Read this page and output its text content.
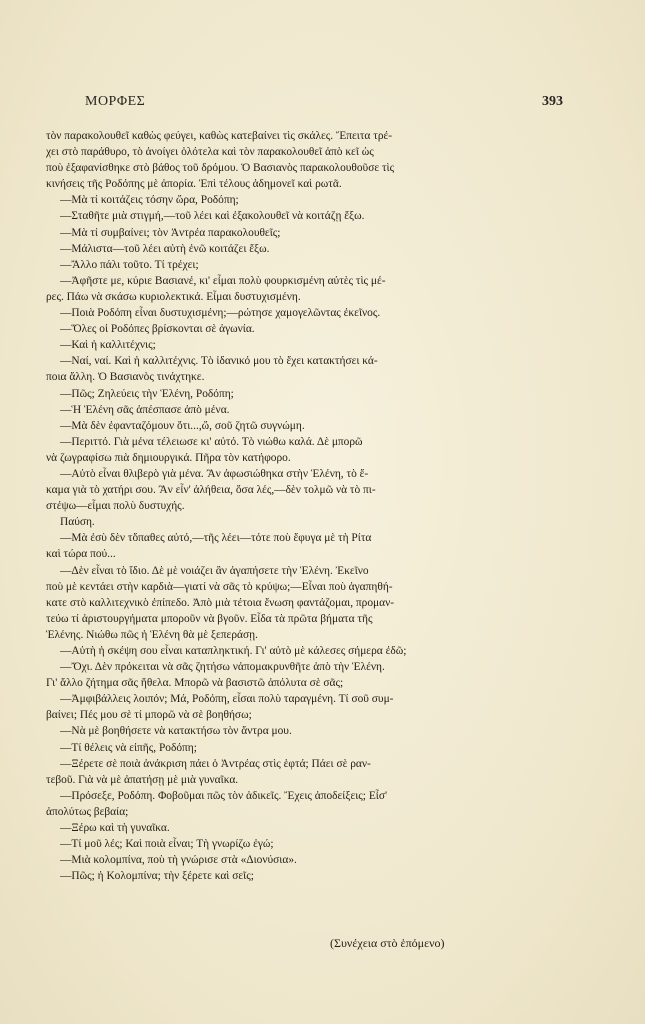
ΜΟΡΦΕΣ	393
τὸν παρακολουθεῖ καθὼς φεύγει, καθὼς κατεβαίνει τὶς σκάλες. Ἔπειτα τρέ-
χει στὸ παράθυρο, τὸ ἀνοίγει ὁλότελα καὶ τὸν παρακολουθεῖ ἀπὸ κεῖ ὡς
ποὺ ἐξαφανίσθηκε στὸ βάθος τοῦ δρόμου. Ὁ Βασιανὸς παρακολουθοῦσε τὶς
κινήσεις τῆς Ροδόπης μὲ ἀπορία. Ἐπὶ τέλους ἀδημονεῖ καὶ ρωτᾶ.
—Μὰ τί κοιτάζεις τόσην ὥρα, Ροδόπη;
—Σταθῆτε μιὰ στιγμή,—τοῦ λέει καὶ ἐξακολουθεῖ νὰ κοιτάζῃ ἔξω.
—Μὰ τί συμβαίνει; τὸν Ἀντρέα παρακολουθεῖς;
—Μάλιστα—τοῦ λέει αὐτὴ ἐνῶ κοιτάζει ἔξω.
—Ἄλλο πάλι τοῦτο. Τί τρέχει;
—Ἀφῆστε με, κύριε Βασιανέ, κι' εἶμαι πολὺ φουρκισμένη αὐτὲς τὶς μέ-
ρες. Πάω νὰ σκάσω κυριολεκτικά. Εἶμαι δυστυχισμένη.
—Ποιὰ Ροδόπη εἶναι δυστυχισμένη;—ρώτησε χαμογελῶντας ἐκεῖνος.
—Ὅλες οἱ Ροδόπες βρίσκονται σὲ ἀγωνία.
—Καὶ ἡ καλλιτέχνις;
—Ναί, ναί. Καὶ ἡ καλλιτέχνις. Τὸ ἰδανικό μου τὸ ἔχει κατακτήσει κά-
ποια ἄλλη. Ὁ Βασιανὸς τινάχτηκε.
—Πῶς; Ζηλεύεις τὴν Ἑλένη, Ροδόπη;
—Ἡ Ἑλένη σᾶς ἀπέσπασε ἀπὸ μένα.
—Μὰ δὲν ἐφανταζόμουν ὅτι...,ὤ, σοῦ ζητῶ συγνώμη.
—Περιττό. Γιὰ μένα τέλειωσε κι' αὐτό. Τὸ νιώθω καλά. Δὲ μπορῶ
νὰ ζωγραφίσω πιὰ δημιουργικά. Πῆρα τὸν κατήφορο.
—Αὐτὸ εἶναι θλιβερὸ γιὰ μένα. Ἂν ἀφωσιώθηκα στὴν Ἑλένη, τὸ ἔ-
καμα γιὰ τὸ χατήρι σου. Ἂν εἶν' ἀλήθεια, ὅσα λές,—δὲν τολμῶ νὰ τὸ πι-
στέψω—εἶμαι πολὺ δυστυχής.
Παύση.
—Μὰ ἐσὺ δὲν τὄπαθες αὐτό,—τῆς λέει—τότε ποὺ ἔφυγα μὲ τὴ Ρίτα
καὶ τώρα πού...
—Δὲν εἶναι τὸ ἴδιο. Δὲ μὲ νοιάζει ἂν ἀγαπήσετε τὴν Ἑλένη. Ἐκεῖνο
ποὺ μὲ κεντάει στὴν καρδιὰ—γιατί νὰ σᾶς τὸ κρύψω;—Εἶναι ποὺ ἀγαπηθή-
κατε στὸ καλλιτεχνικὸ ἐπίπεδο. Ἀπὸ μιὰ τέτοια ἕνωση φαντάζομαι, προμαν-
τεύω τί ἀριστουργήματα μποροῦν νὰ βγοῦν. Εἶδα τὰ πρῶτα βήματα τῆς
Ἑλένης. Νιώθω πῶς ἡ Ἑλένη θὰ μὲ ξεπεράσῃ.
—Αὐτὴ ἡ σκέψη σου εἶναι καταπληκτική. Γι' αὐτὸ μὲ κάλεσες σήμερα ἐδῶ;
—Ὄχι. Δὲν πρόκειται νὰ σᾶς ζητήσω νἀπομακρυνθῆτε ἀπὸ τὴν Ἑλένη.
Γι' ἄλλο ζήτημα σᾶς ἤθελα. Μπορῶ νὰ βασιστῶ ἀπόλυτα σὲ σᾶς;
—Ἀμφιβάλλεις λοιπόν; Μά, Ροδόπη, εἶσαι πολὺ ταραγμένη. Τί σοῦ συμ-
βαίνει; Πές μου σὲ τί μπορῶ νὰ σὲ βοηθήσω;
—Νὰ μὲ βοηθήσετε νὰ κατακτήσω τὸν ἄντρα μου.
—Τί θέλεις νὰ εἰπῆς, Ροδόπη;
—Ξέρετε σὲ ποιὰ ἀνάκριση πάει ὁ Ἀντρέας στὶς ἑφτά; Πάει σὲ ραν-
τεβοῦ. Γιὰ νὰ μὲ ἀπατήσῃ μὲ μιὰ γυναῖκα.
—Πρόσεξε, Ροδόπη. Φοβοῦμαι πῶς τὸν ἀδικεῖς. Ἔχεις ἀποδείξεις; Εἶσ'
ἀπολύτως βεβαία;
—Ξέρω καὶ τὴ γυναῖκα.
—Τί μοῦ λές; Καὶ ποιὰ εἶναι; Τὴ γνωρίζω ἐγώ;
—Μιὰ κολομπίνα, ποὺ τὴ γνώρισε στὰ «Διονύσια».
—Πῶς; ἡ Κολομπίνα; τὴν ξέρετε καὶ σεῖς;
(Συνέχεια στὸ ἑπόμενο)
